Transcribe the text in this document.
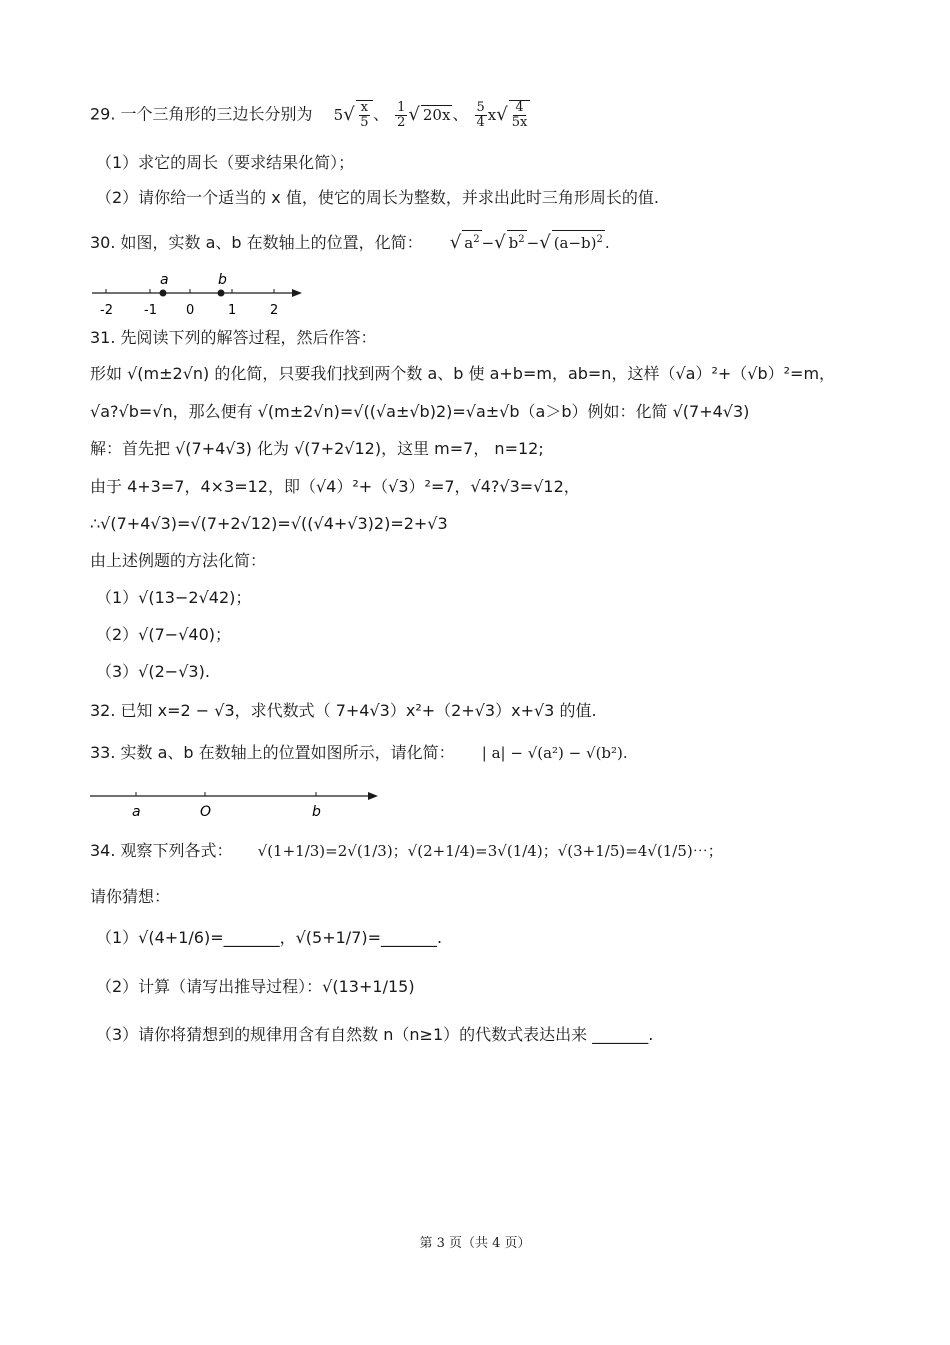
29. 一个三角形的三边长分别为 $5√ \frac{x}{5}$ 、 $\frac{1}{2}$ √ 20x 、 $\frac{5}{4} x√ \frac{4}{5x}$
（1）求它的周长（要求结果化简）；
（2）请你给一个适当的 x 值，使它的周长为整数，并求出此时三角形周长的值.
30. 如图，实数 a、b 在数轴上的位置，化简： √ $a^2$ −√ $b^2$ −√ $(a-b)^2$ .
a	b
-2 -1 0	1	2
31. 先阅读下列的解答过程，然后作答：
形如 √(m±2√n) 的化简，只要我们找到两个数 a、b 使 a+b=m，ab=n，这样（√a）²+（√b）²=m，
√a?√b=√n，那么便有 √(m±2√n)=√((√a±√b)2)=√a±√b（a＞b）例如：化简 √(7+4√3)
解：首先把 √(7+4√3) 化为 √(7+2√12)，这里 m=7， n=12;
由于 4+3=7，4×3=12，即（√4）²+（√3）²=7，√4?√3=√12，
∴√(7+4√3)=√(7+2√12)=√((√4+√3)2)=2+√3
由上述例题的方法化简：
（1）√(13−2√42)；
（2）√(7−√40)；
（3）√(2−√3).
32. 已知 x=2 − √3，求代数式（ 7+4√3）x²+（2+√3）x+√3 的值.
33. 实数 a、b 在数轴上的位置如图所示，请化简： | a| − √(a²) − √(b²).
a	O	b
34. 观察下列各式： √(1+1/3)=2√(1/3)；√(2+1/4)=3√(1/4)；√(3+1/5)=4√(1/5)⋯；
请你猜想：
（1）√(4+1/6)=_______，√(5+1/7)=_______.
（2）计算（请写出推导过程）：√(13+1/15)
（3）请你将猜想到的规律用含有自然数 n（n≥1）的代数式表达出来 _______.
第 3 页（共 4 页）
